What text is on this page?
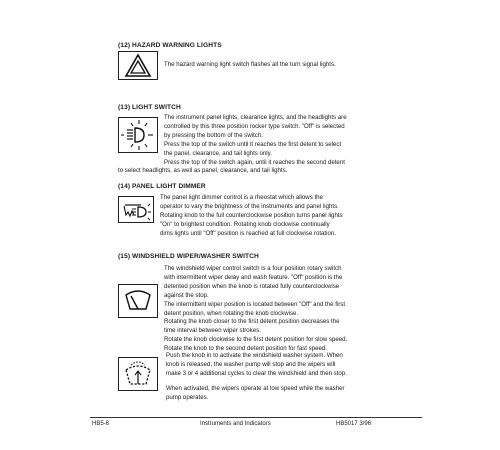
(12) HAZARD WARNING LIGHTS
The hazard warning light switch flashes all the turn signal lights.
(13) LIGHT SWITCH

The instrument panel lights, clearance lights, and the headlights are

controlled by this three position rocker type switch. "Off" is selected

by pressing the bottom of the switch.

Press the top of the switch until it reaches the first detent to select

the panel, clearance, and tail lights only.

Press the top of the switch again, until it reaches the second detent

to select headlights, as well as panel, clearance, and tail lights.
(14) PANEL LIGHT DIMMER

The panel light dimmer control is a rheostat which allows the

operator to vary the brightness of the instruments and panel lights.

Rotating knob to the full counterclockwise position turns panel lights

"On" to brightest condition. Rotating knob clockwise continually

dims lights until "Off" position is reached at full clockwise rotation.

(15) WINDSHIELD WIPER/WASHER SWITCH

The windshield wiper control switch is a four position rotary switch

with intermittent wiper delay and wash feature. "Off" position is the

detented position when the knob is rotated fully counterclockwise

against the stop.

The intermittent wiper position is located between "Off" and the first

detent position, when rotating the knob clockwise.

Rotating the knob closer to the first detent position decreases the

time interval between wiper strokes.

Rotate the knob clockwise to the first detent position for slow speed.

Rotate the knob to the second detent position for fast speed.

Push the knob in to activate the windshield washer system. When

knob is released, the washer pump will stop and the wipers will

make 3 or 4 additional cycles to clear the windshield and then stop.

When activated, the wipers operate at low speed while the washer

pump operates.

HB5-6	Instruments and Indicators	HB5017 3/96
